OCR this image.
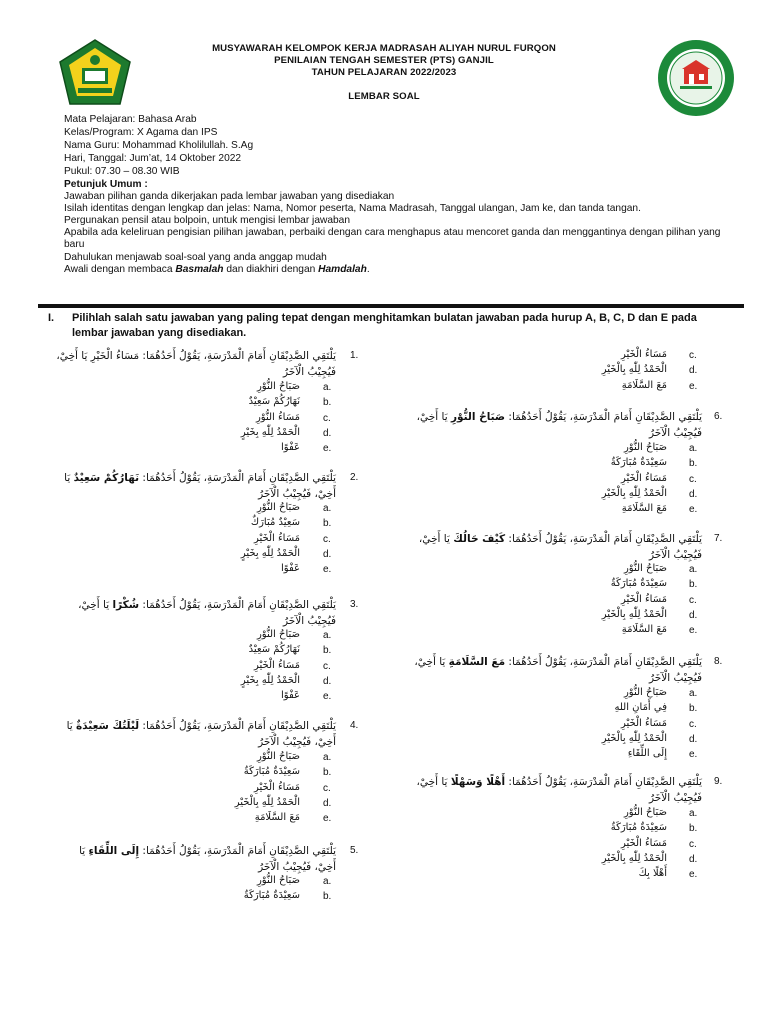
MUSYAWARAH KELOMPOK KERJA MADRASAH ALIYAH NURUL FURQON
PENILAIAN TENGAH SEMESTER (PTS) GANJIL
TAHUN PELAJARAN 2022/2023
LEMBAR SOAL
Mata Pelajaran: Bahasa Arab
Kelas/Program: X Agama dan IPS
Nama Guru: Mohammad Kholilullah. S.Ag
Hari, Tanggal: Jum’at, 14 Oktober 2022
Pukul: 07.30 – 08.30 WIB
Petunjuk Umum :
Jawaban pilihan ganda dikerjakan pada lembar jawaban yang disediakan
Isilah identitas dengan lengkap dan jelas: Nama, Nomor peserta, Nama Madrasah, Tanggal ulangan, Jam ke, dan tanda tangan.
Pergunakan pensil atau bolpoin, untuk mengisi lembar jawaban
Apabila ada keleliruan pengisian pilihan jawaban, perbaiki dengan cara menghapus atau mencoret ganda dan menggantinya dengan pilihan yang baru
Dahulukan menjawab soal-soal yang anda anggap mudah
Awali dengan membaca Basmalah dan diakhiri dengan Hamdalah.
I. Pilihlah salah satu jawaban yang paling tepat dengan menghitamkan bulatan jawaban pada hurup A, B, C, D dan E pada lembar jawaban yang disediakan.
1.
يَلْتَقِي الصَّدِيْقَانِ أَمَامَ الْمَدْرَسَةِ، يَقُوْلُ أَحَدُهُمَا: مَسَاءُ الْخَيْرِ يَا أَخِيْ، فَيُجِيْبُ الْآخَرُ
a.
صَبَاحُ النُّوْرِ
b.
نَهَارُكُمْ سَعِيْدٌ
c.
مَسَاءُ النُّوْرِ
d.
الْحَمْدُ لِلّٰهِ بِخَيْرٍ
e.
عَفْوًا
2.
يَلْتَقِي الصَّدِيْقَانِ أَمَامَ الْمَدْرَسَةِ، يَقُوْلُ أَحَدُهُمَا: نَهَارُكُمْ سَعِيْدٌ يَا أَخِيْ، فَيُجِيْبُ الْآخَرُ
a.
صَبَاحُ النُّوْرِ
b.
سَعِيْدٌ مُبَارَكٌ
c.
مَسَاءُ الْخَيْرِ
d.
الْحَمْدُ لِلّٰهِ بِخَيْرٍ
e.
عَفْوًا
3.
يَلْتَقِي الصَّدِيْقَانِ أَمَامَ الْمَدْرَسَةِ، يَقُوْلُ أَحَدُهُمَا: شُكْرًا يَا أَخِيْ، فَيُجِيْبُ الْآخَرُ
a.
صَبَاحُ النُّوْرِ
b.
نَهَارُكُمْ سَعِيْدٌ
c.
مَسَاءُ الْخَيْرِ
d.
الْحَمْدُ لِلّٰهِ بِخَيْرٍ
e.
عَفْوًا
4.
يَلْتَقِي الصَّدِيْقَانِ أَمَامَ الْمَدْرَسَةِ، يَقُوْلُ أَحَدُهُمَا: لَيْلَتُكَ سَعِيْدَةٌ يَا أَخِيْ، فَيُجِيْبُ الْآخَرُ
a.
صَبَاحُ النُّوْرِ
b.
سَعِيْدَةٌ مُبَارَكَةٌ
c.
مَسَاءُ الْخَيْرِ
d.
الْحَمْدُ لِلّٰهِ بِالْخَيْرِ
e.
مَعَ السَّلَامَةِ
5.
يَلْتَقِي الصَّدِيْقَانِ أَمَامَ الْمَدْرَسَةِ، يَقُوْلُ أَحَدُهُمَا: إِلَى اللِّقَاءِ يَا أَخِيْ، فَيُجِيْبُ الْآخَرُ
a.
صَبَاحُ النُّوْرِ
b.
سَعِيْدَةٌ مُبَارَكَةٌ
c.
مَسَاءُ الْخَيْرِ
d.
الْحَمْدُ لِلّٰهِ بِالْخَيْرِ
e.
مَعَ السَّلَامَةِ
6.
يَلْتَقِي الصَّدِيْقَانِ أَمَامَ الْمَدْرَسَةِ، يَقُوْلُ أَحَدُهُمَا: صَبَاحُ النُّوْرِ يَا أَخِيْ، فَيُجِيْبُ الْآخَرُ
a.
صَبَاحُ النُّوْرِ
b.
سَعِيْدَةٌ مُبَارَكَةٌ
c.
مَسَاءُ الْخَيْرِ
d.
الْحَمْدُ لِلّٰهِ بِالْخَيْرِ
e.
مَعَ السَّلَامَةِ
7.
يَلْتَقِي الصَّدِيْقَانِ أَمَامَ الْمَدْرَسَةِ، يَقُوْلُ أَحَدُهُمَا: كَيْفَ حَالُكَ يَا أَخِيْ، فَيُجِيْبُ الْآخَرُ
a.
صَبَاحُ النُّوْرِ
b.
سَعِيْدَةٌ مُبَارَكَةٌ
c.
مَسَاءُ الْخَيْرِ
d.
الْحَمْدُ لِلّٰهِ بِالْخَيْرِ
e.
مَعَ السَّلَامَةِ
8.
يَلْتَقِي الصَّدِيْقَانِ أَمَامَ الْمَدْرَسَةِ، يَقُوْلُ أَحَدُهُمَا: مَعَ السَّلَامَةِ يَا أَخِيْ، فَيُجِيْبُ الْآخَرُ
a.
صَبَاحُ النُّوْرِ
b.
فِي أَمَانِ اللهِ
c.
مَسَاءُ الْخَيْرِ
d.
الْحَمْدُ لِلّٰهِ بِالْخَيْرِ
e.
إِلَى اللِّقَاءِ
9.
يَلْتَقِي الصَّدِيْقَانِ أَمَامَ الْمَدْرَسَةِ، يَقُوْلُ أَحَدُهُمَا: أَهْلًا وَسَهْلًا يَا أَخِيْ، فَيُجِيْبُ الْآخَرُ
a.
صَبَاحُ النُّوْرِ
b.
سَعِيْدَةٌ مُبَارَكَةٌ
c.
مَسَاءُ الْخَيْرِ
d.
الْحَمْدُ لِلّٰهِ بِالْخَيْرِ
e.
أَهْلًا بِكَ
